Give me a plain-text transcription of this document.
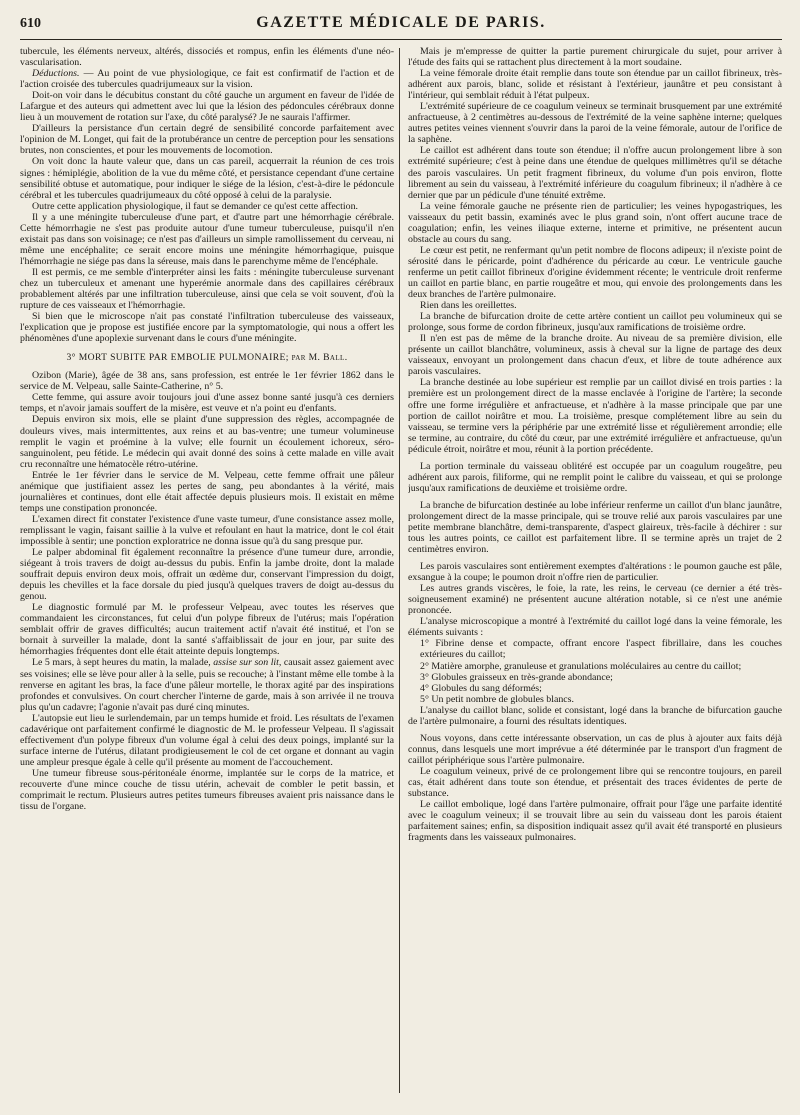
610	GAZETTE MÉDICALE DE PARIS.

tubercule, les éléments nerveux, altérés, dissociés et rompus, enfin les éléments d'une néo-vascularisation.

Déductions. — Au point de vue physiologique, ce fait est confirmatif de l'action et de l'action croisée des tubercules quadrijumeaux sur la vision.

Doit-on voir dans le décubitus constant du côté gauche un argument en faveur de l'idée de Lafargue et des auteurs qui admettent avec lui que la lésion des pédoncules cérébraux donne lieu à un mouvement de rotation sur l'axe, du côté paralysé? Je ne saurais l'affirmer.

D'ailleurs la persistance d'un certain degré de sensibilité concorde parfaitement avec l'opinion de M. Longet, qui fait de la protubérance un centre de perception pour les sensations brutes, non conscientes, et pour les mouvements de locomotion.

On voit donc la haute valeur que, dans un cas pareil, acquerrait la réunion de ces trois signes : hémiplégie, abolition de la vue du même côté, et persistance cependant d'une certaine sensibilité obtuse et automatique, pour indiquer le siége de la lésion, c'est-à-dire le pédoncule cérébral et les tubercules quadrijumeaux du côté opposé à celui de la paralysie.

Outre cette application physiologique, il faut se demander ce qu'est cette affection.

Il y a une méningite tuberculeuse d'une part, et d'autre part une hémorrhagie cérébrale. Cette hémorrhagie ne s'est pas produite autour d'une tumeur tuberculeuse, puisqu'il n'en existait pas dans son voisinage; ce n'est pas d'ailleurs un simple ramollissement du cerveau, ni même une encéphalite; ce serait encore moins une méningite hémorrhagique, puisque l'hémorrhagie ne siége pas dans la séreuse, mais dans le parenchyme même de l'encéphale.

Il est permis, ce me semble d'interpréter ainsi les faits : méningite tuberculeuse survenant chez un tuberculeux et amenant une hyperémie anormale dans des capillaires cérébraux probablement altérés par une infiltration tuberculeuse, ainsi que cela se voit souvent, d'où la rupture de ces vaisseaux et l'hémorrhagie.

Si bien que le microscope n'ait pas constaté l'infiltration tuberculeuse des vaisseaux, l'explication que je propose est justifiée encore par la symptomatologie, qui nous a offert les phénomènes d'une apoplexie survenant dans le cours d'une méningite.

3° MORT SUBITE PAR EMBOLIE PULMONAIRE; par M. Ball.

Ozibon (Marie), âgée de 38 ans, sans profession, est entrée le 1er février 1862 dans le service de M. Velpeau, salle Sainte-Catherine, n° 5.

Cette femme, qui assure avoir toujours joui d'une assez bonne santé jusqu'à ces derniers temps, et n'avoir jamais souffert de la misère, est veuve et n'a point eu d'enfants.

Depuis environ six mois, elle se plaint d'une suppression des règles, accompagnée de douleurs vives, mais intermittentes, aux reins et au bas-ventre; une tumeur volumineuse remplit le vagin et proémine à la vulve; elle fournit un écoulement ichoreux, séro-sanguinolent, peu fétide. Le médecin qui avait donné des soins à cette malade en ville avait cru reconnaître une hématocèle rétro-utérine.

Entrée le 1er février dans le service de M. Velpeau, cette femme offrait une pâleur anémique que justifiaient assez les pertes de sang, peu abondantes à la vérité, mais journalières et continues, dont elle était affectée depuis plusieurs mois. Il existait en même temps une constipation prononcée.

L'examen direct fit constater l'existence d'une vaste tumeur, d'une consistance assez molle, remplissant le vagin, faisant saillie à la vulve et refoulant en haut la matrice, dont le col était impossible à sentir; une ponction exploratrice ne donna issue qu'à du sang presque pur.

Le palper abdominal fit également reconnaître la présence d'une tumeur dure, arrondie, siégeant à trois travers de doigt au-dessus du pubis. Enfin la jambe droite, dont la malade souffrait depuis environ deux mois, offrait un œdème dur, conservant l'impression du doigt, depuis les chevilles et la face dorsale du pied jusqu'à quelques travers de doigt au-dessus du genou.

Le diagnostic formulé par M. le professeur Velpeau, avec toutes les réserves que commandaient les circonstances, fut celui d'un polype fibreux de l'utérus; mais l'opération semblait offrir de graves difficultés; aucun traitement actif n'avait été institué, et l'on se bornait à surveiller la malade, dont la santé s'affaiblissait de jour en jour, par suite des hémorrhagies fréquentes dont elle était atteinte depuis longtemps.

Le 5 mars, à sept heures du matin, la malade, assise sur son lit, causait assez gaiement avec ses voisines; elle se lève pour aller à la selle, puis se recouche; à l'instant même elle tombe à la renverse en agitant les bras, la face d'une pâleur mortelle, le thorax agité par des inspirations profondes et convulsives. On court chercher l'interne de garde, mais à son arrivée il ne trouva plus qu'un cadavre; l'agonie n'avait pas duré cinq minutes.

L'autopsie eut lieu le surlendemain, par un temps humide et froid. Les résultats de l'examen cadavérique ont parfaitement confirmé le diagnostic de M. le professeur Velpeau. Il s'agissait effectivement d'un polype fibreux d'un volume égal à celui des deux poings, implanté sur la surface interne de l'utérus, dilatant prodigieusement le col de cet organe et donnant au vagin une ampleur presque égale à celle qu'il présente au moment de l'accouchement.

Une tumeur fibreuse sous-péritonéale énorme, implantée sur le corps de la matrice, et recouverte d'une mince couche de tissu utérin, achevait de combler le petit bassin, et comprimait le rectum. Plusieurs autres petites tumeurs fibreuses avaient pris naissance dans le tissu de l'organe.

Mais je m'empresse de quitter la partie purement chirurgicale du sujet, pour arriver à l'étude des faits qui se rattachent plus directement à la mort soudaine.

La veine fémorale droite était remplie dans toute son étendue par un caillot fibrineux, très-adhérent aux parois, blanc, solide et résistant à l'extérieur, jaunâtre et peu consistant à l'intérieur, qui semblait réduit à l'état pulpeux.

L'extrémité supérieure de ce coagulum veineux se terminait brusquement par une extrémité anfractueuse, à 2 centimètres au-dessous de l'extrémité de la veine saphène interne; quelques autres petites veines viennent s'ouvrir dans la paroi de la veine fémorale, autour de l'orifice de la saphène.

Le caillot est adhérent dans toute son étendue; il n'offre aucun prolongement libre à son extrémité supérieure; c'est à peine dans une étendue de quelques millimètres qu'il se détache des parois vasculaires. Un petit fragment fibrineux, du volume d'un pois environ, flotte librement au sein du vaisseau, à l'extrémité inférieure du coagulum fibrineux; il n'adhère à ce dernier que par un pédicule d'une ténuité extrême.

La veine fémorale gauche ne présente rien de particulier; les veines hypogastriques, les vaisseaux du petit bassin, examinés avec le plus grand soin, n'ont offert aucune trace de coagulation; enfin, les veines iliaque externe, interne et primitive, ne présentent aucun obstacle au cours du sang.

Le cœur est petit, ne renfermant qu'un petit nombre de flocons adipeux; il n'existe point de sérosité dans le péricarde, point d'adhérence du péricarde au cœur. Le ventricule gauche renferme un petit caillot fibrineux d'origine évidemment récente; le ventricule droit renferme un caillot en partie blanc, en partie rougeâtre et mou, qui envoie des prolongements dans les deux branches de l'artère pulmonaire.

Rien dans les oreillettes.

La branche de bifurcation droite de cette artère contient un caillot peu volumineux qui se prolonge, sous forme de cordon fibrineux, jusqu'aux ramifications de troisième ordre.

Il n'en est pas de même de la branche droite. Au niveau de sa première division, elle présente un caillot blanchâtre, volumineux, assis à cheval sur la ligne de partage des deux vaisseaux, envoyant un prolongement dans chacun d'eux, et libre de toute adhérence aux parois vasculaires.

La branche destinée au lobe supérieur est remplie par un caillot divisé en trois parties : la première est un prolongement direct de la masse enclavée à l'origine de l'artère; la seconde offre une forme irrégulière et anfractueuse, et n'adhère à la masse principale que par une portion de caillot noirâtre et mou. La troisième, presque complétement libre au sein du vaisseau, se termine vers la périphérie par une extrémité lisse et régulièrement arrondie; elle se termine, au contraire, du côté du cœur, par une extrémité irrégulière et anfractueuse, qu'un pédicule étroit, noirâtre et mou, réunit à la portion précédente.

La portion terminale du vaisseau oblitéré est occupée par un coagulum rougeâtre, peu adhérent aux parois, filiforme, qui ne remplit point le calibre du vaisseau, et qui se prolonge jusqu'aux ramifications de deuxième et troisième ordre.

La branche de bifurcation destinée au lobe inférieur renferme un caillot d'un blanc jaunâtre, prolongement direct de la masse principale, qui se trouve relié aux parois vasculaires par une petite membrane blanchâtre, demi-transparente, d'aspect glaireux, très-facile à déchirer : sur tous les autres points, ce caillot est parfaitement libre. Il se termine après un trajet de 2 centimètres environ.

Les parois vasculaires sont entièrement exemptes d'altérations : le poumon gauche est pâle, exsangue à la coupe; le poumon droit n'offre rien de particulier.

Les autres grands viscères, le foie, la rate, les reins, le cerveau (ce dernier a été très-soigneusement examiné) ne présentent aucune altération notable, si ce n'est une anémie prononcée.

L'analyse microscopique a montré à l'extrémité du caillot logé dans la veine fémorale, les éléments suivants :

1° Fibrine dense et compacte, offrant encore l'aspect fibrillaire, dans les couches extérieures du caillot;

2° Matière amorphe, granuleuse et granulations moléculaires au centre du caillot;

3° Globules graisseux en très-grande abondance;

4° Globules du sang déformés;

5° Un petit nombre de globules blancs.

L'analyse du caillot blanc, solide et consistant, logé dans la branche de bifurcation gauche de l'artère pulmonaire, a fourni des résultats identiques.

Nous voyons, dans cette intéressante observation, un cas de plus à ajouter aux faits déjà connus, dans lesquels une mort imprévue a été déterminée par le transport d'un fragment de caillot périphérique sous l'artère pulmonaire.

Le coagulum veineux, privé de ce prolongement libre qui se rencontre toujours, en pareil cas, était adhérent dans toute son étendue, et présentait des traces évidentes de perte de substance.

Le caillot embolique, logé dans l'artère pulmonaire, offrait pour l'âge une parfaite identité avec le coagulum veineux; il se trouvait libre au sein du vaisseau dont les parois étaient parfaitement saines; enfin, sa disposition indiquait assez qu'il avait été transporté en plusieurs fragments dans les vaisseaux pulmonaires.
